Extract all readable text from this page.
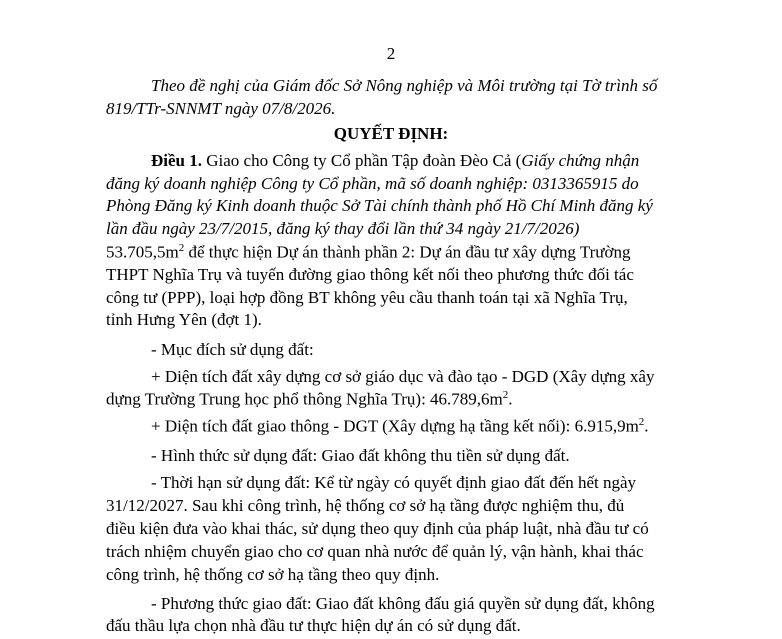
2
Theo đề nghị của Giám đốc Sở Nông nghiệp và Môi trường tại Tờ trình số
819/TTr-SNNMT ngày 07/8/2026.
QUYẾT ĐỊNH:
Điều 1. Giao cho Công ty Cổ phần Tập đoàn Đèo Cả (Giấy chứng nhận
đăng ký doanh nghiệp Công ty Cổ phần, mã số doanh nghiệp: 0313365915 do
Phòng Đăng ký Kinh doanh thuộc Sở Tài chính thành phố Hồ Chí Minh đăng ký
lần đầu ngày 23/7/2015, đăng ký thay đổi lần thứ 34 ngày 21/7/2026)
$53.705,5m^2$ để thực hiện Dự án thành phần 2: Dự án đầu tư xây dựng Trường
THPT Nghĩa Trụ và tuyến đường giao thông kết nối theo phương thức đối tác
công tư (PPP), loại hợp đồng BT không yêu cầu thanh toán tại xã Nghĩa Trụ,
tỉnh Hưng Yên (đợt 1).
- Mục đích sử dụng đất:
+ Diện tích đất xây dựng cơ sở giáo dục và đào tạo - DGD (Xây dựng xây
dựng Trường Trung học phổ thông Nghĩa Trụ): $46.789,6m^2$.
+ Diện tích đất giao thông - DGT (Xây dựng hạ tầng kết nối): $6.915,9m^2$.
- Hình thức sử dụng đất: Giao đất không thu tiền sử dụng đất.
- Thời hạn sử dụng đất: Kể từ ngày có quyết định giao đất đến hết ngày
31/12/2027. Sau khi công trình, hệ thống cơ sở hạ tầng được nghiệm thu, đủ
điều kiện đưa vào khai thác, sử dụng theo quy định của pháp luật, nhà đầu tư có
trách nhiệm chuyển giao cho cơ quan nhà nước để quản lý, vận hành, khai thác
công trình, hệ thống cơ sở hạ tầng theo quy định.
- Phương thức giao đất: Giao đất không đấu giá quyền sử dụng đất, không
đấu thầu lựa chọn nhà đầu tư thực hiện dự án có sử dụng đất.
